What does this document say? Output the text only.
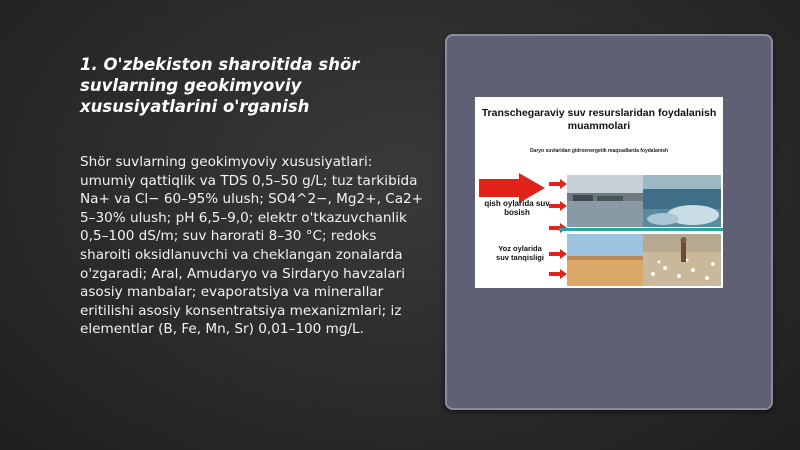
1. O'zbekiston sharoitida shör suvlarning geokimyoviy xususiyatlarini o'rganish
Shör suvlarning geokimyoviy xususiyatlari: umumiy qattiqlik va TDS 0,5–50 g/L; tuz tarkibida Na+ va Cl− 60–95% ulush; SO4^2−, Mg2+, Ca2+ 5–30% ulush; pH 6,5–9,0; elektr o'tkazuvchanlik 0,5–100 dS/m; suv harorati 8–30 °C; redoks sharoiti oksidlanuvchi va cheklangan zonalarda o'zgaradi; Aral, Amudaryo va Sirdaryo havzalari asosiy manbalar; evaporatsiya va minerallar eritilishi asosiy konsentratsiya mexanizmlari; iz elementlar (B, Fe, Mn, Sr) 0,01–100 mg/L.
Transchegaraviy suv resurslaridan foydalanish muammolari
Daryo suvlaridan gidroenergetik maqsadlarda foydalanish
qish oylarida suv bosish
Yoz oylarida suv tanqisligi
